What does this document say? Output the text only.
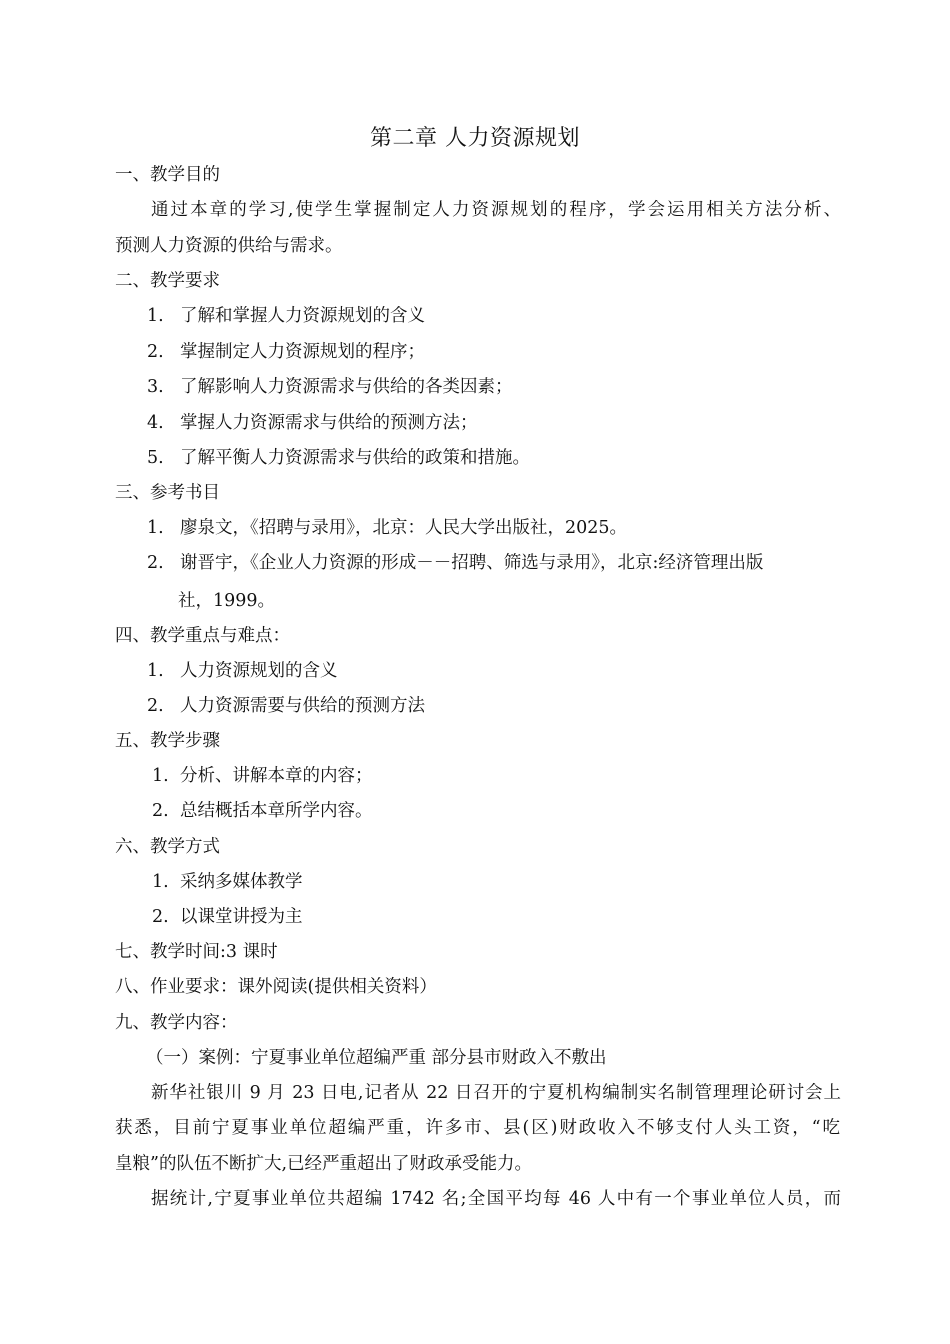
第二章 人力资源规划
一、教学目的
通过本章的学习,使学生掌握制定人力资源规划的程序，学会运用相关方法分析、
预测人力资源的供给与需求。
二、教学要求
1. 了解和掌握人力资源规划的含义
2. 掌握制定人力资源规划的程序；
3. 了解影响人力资源需求与供给的各类因素；
4. 掌握人力资源需求与供给的预测方法；
5. 了解平衡人力资源需求与供给的政策和措施。
三、参考书目
1. 廖泉文，《招聘与录用》，北京：人民大学出版社，2025。
2. 谢晋宇，《企业人力资源的形成－－招聘、筛选与录用》，北京:经济管理出版
社，1999。
四、教学重点与难点：
1. 人力资源规划的含义
2. 人力资源需要与供给的预测方法
五、教学步骤
1. 分析、讲解本章的内容；
2. 总结概括本章所学内容。
六、教学方式
1. 采纳多媒体教学
2. 以课堂讲授为主
七、教学时间:3 课时
八、作业要求：课外阅读(提供相关资料）
九、教学内容：
（一）案例：宁夏事业单位超编严重 部分县市财政入不敷出
新华社银川 9 月 23 日电,记者从 22 日召开的宁夏机构编制实名制管理理论研讨会上
获悉，目前宁夏事业单位超编严重，许多市、县(区)财政收入不够支付人头工资，“吃
皇粮”的队伍不断扩大,已经严重超出了财政承受能力。
据统计,宁夏事业单位共超编 1742 名;全国平均每 46 人中有一个事业单位人员，而
